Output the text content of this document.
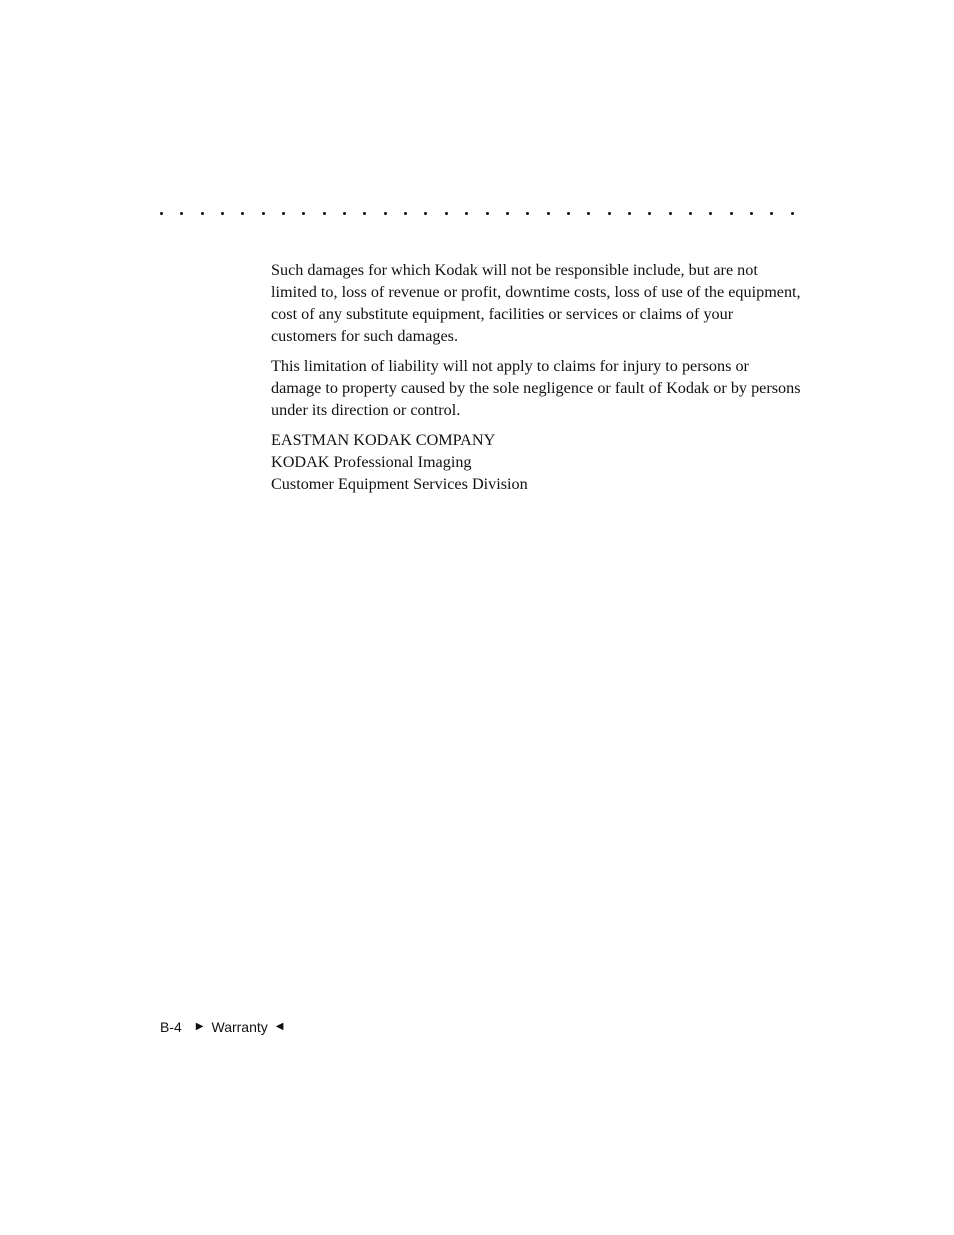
Such damages for which Kodak will not be responsible include, but are not limited to, loss of revenue or profit, downtime costs, loss of use of the equipment, cost of any substitute equipment, facilities or services or claims of your customers for such damages.

This limitation of liability will not apply to claims for injury to persons or damage to property caused by the sole negligence or fault of Kodak or by persons under its direction or control.

EASTMAN KODAK COMPANY
KODAK Professional Imaging
Customer Equipment Services Division
B-4 ▶ Warranty ◀
